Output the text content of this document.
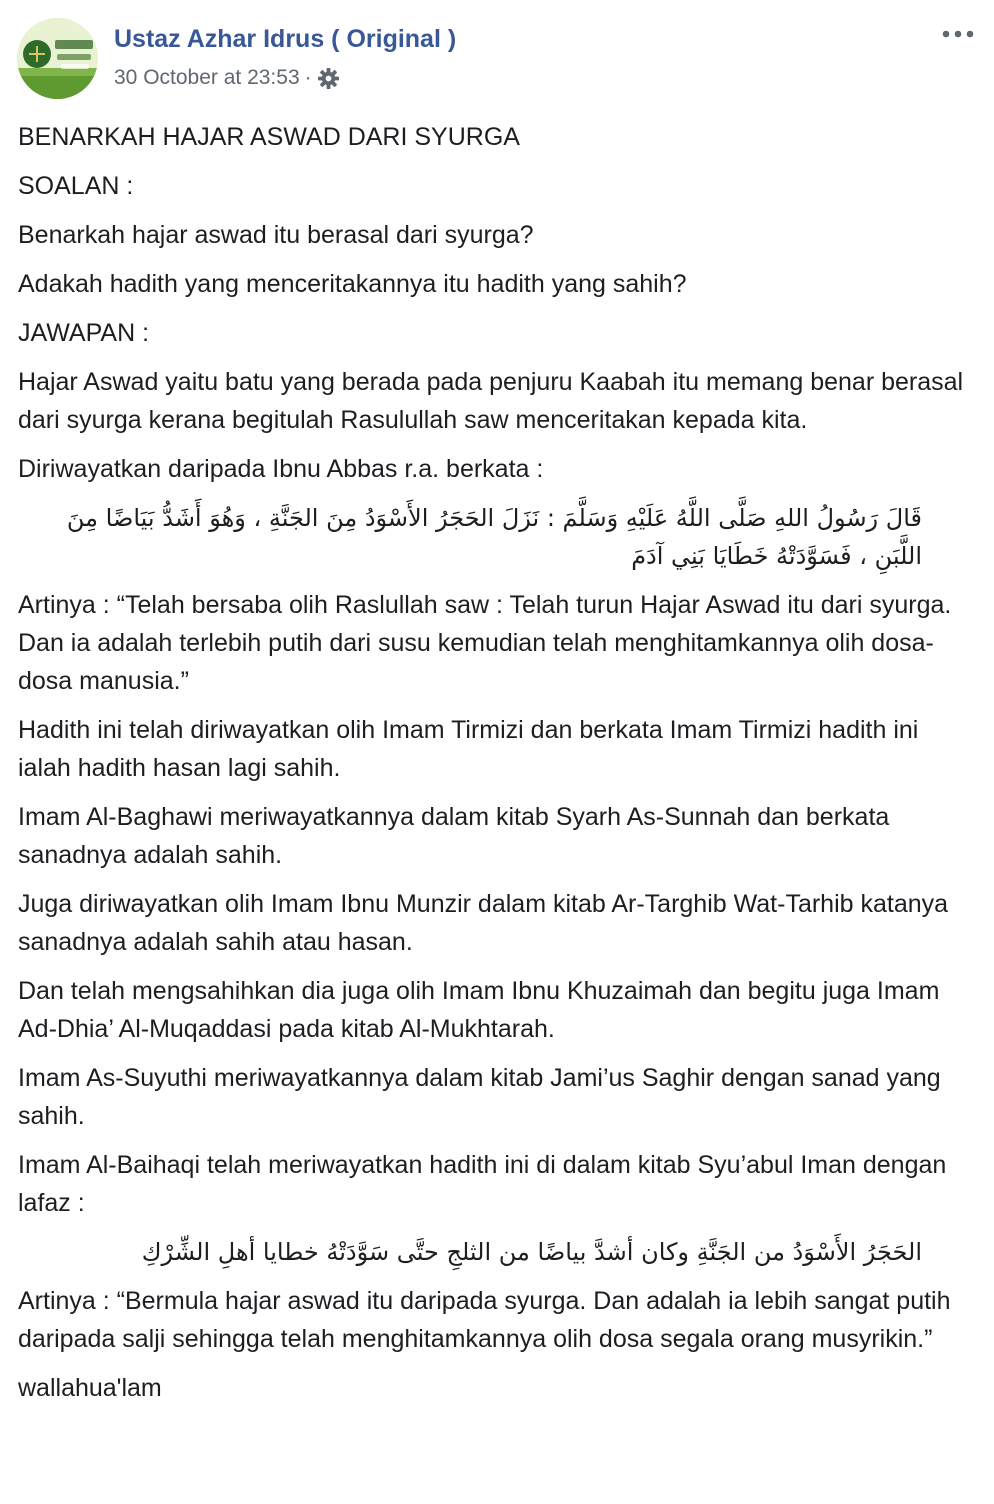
Ustaz Azhar Idrus ( Original )
30 October at 23:53 ·

BENARKAH HAJAR ASWAD DARI SYURGA

SOALAN :

Benarkah hajar aswad itu berasal dari syurga?

Adakah hadith yang menceritakannya itu hadith yang sahih?

JAWAPAN :

Hajar Aswad yaitu batu yang berada pada penjuru Kaabah itu memang benar berasal dari syurga kerana begitulah Rasulullah saw menceritakan kepada kita.

Diriwayatkan daripada Ibnu Abbas r.a. berkata :

قَالَ رَسُولُ اللهِ صَلَّى اللَّهُ عَلَيْهِ وَسَلَّمَ : نَزَلَ الحَجَرُ الأَسْوَدُ مِنَ الجَنَّةِ ، وَهُوَ أَشَدُّ بَيَاضًا مِنَ اللَّبَنِ ، فَسَوَّدَتْهُ خَطَايَا بَنِي آدَمَ

Artinya : “Telah bersaba olih Raslullah saw : Telah turun Hajar Aswad itu dari syurga. Dan ia adalah terlebih putih dari susu kemudian telah menghitamkannya olih dosa-dosa manusia.”

Hadith ini telah diriwayatkan olih Imam Tirmizi dan berkata Imam Tirmizi hadith ini ialah hadith hasan lagi sahih.

Imam Al-Baghawi meriwayatkannya dalam kitab Syarh As-Sunnah dan berkata sanadnya adalah sahih.

Juga diriwayatkan olih Imam Ibnu Munzir dalam kitab Ar-Targhib Wat-Tarhib katanya sanadnya adalah sahih atau hasan.

Dan telah mengsahihkan dia juga olih Imam Ibnu Khuzaimah dan begitu juga Imam Ad-Dhia’ Al-Muqaddasi pada kitab Al-Mukhtarah.

Imam As-Suyuthi meriwayatkannya dalam kitab Jami’us Saghir dengan sanad yang sahih.

Imam Al-Baihaqi telah meriwayatkan hadith ini di dalam kitab Syu’abul Iman dengan lafaz :

الحَجَرُ الأَسْوَدُ من الجَنَّةِ وكان أشدَّ بياضًا من الثلجِ حتَّى سَوَّدَتْهُ خطايا أهلِ الشِّرْكِ

Artinya : “Bermula hajar aswad itu daripada syurga. Dan adalah ia lebih sangat putih daripada salji sehingga telah menghitamkannya olih dosa segala orang musyrikin.”

wallahua'lam
